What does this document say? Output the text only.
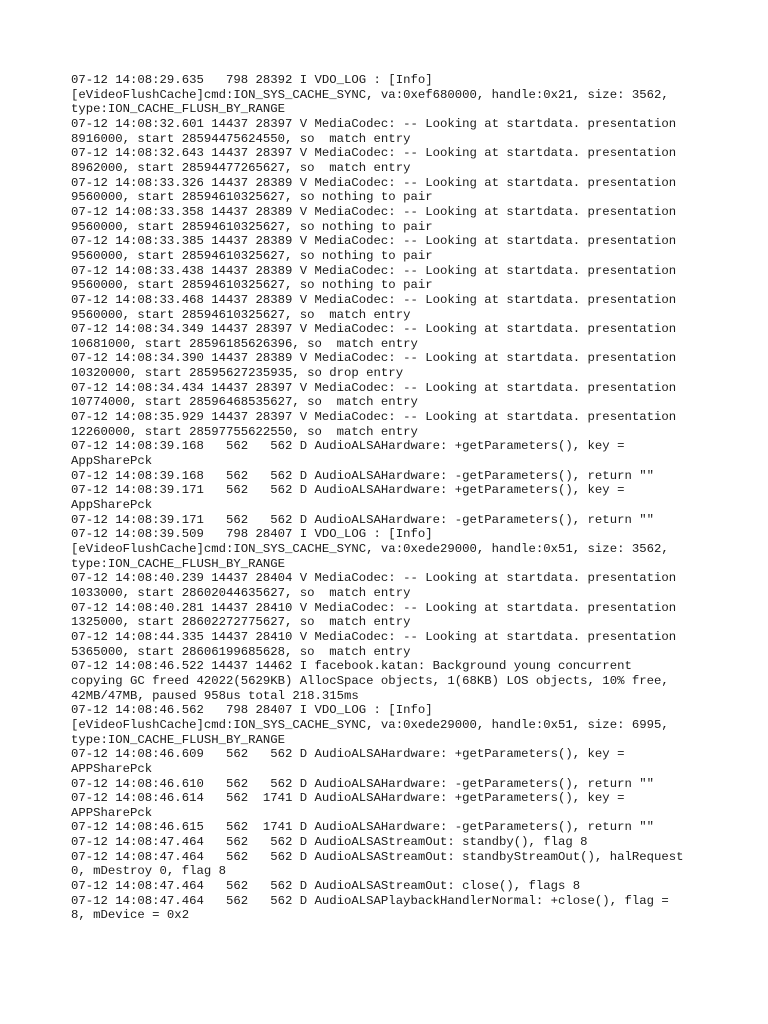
07-12 14:08:29.635   798 28392 I VDO_LOG : [Info]
[eVideoFlushCache]cmd:ION_SYS_CACHE_SYNC, va:0xef680000, handle:0x21, size: 3562,
type:ION_CACHE_FLUSH_BY_RANGE
07-12 14:08:32.601 14437 28397 V MediaCodec: -- Looking at startdata. presentation
8916000, start 28594475624550, so  match entry
07-12 14:08:32.643 14437 28397 V MediaCodec: -- Looking at startdata. presentation
8962000, start 28594477265627, so  match entry
07-12 14:08:33.326 14437 28389 V MediaCodec: -- Looking at startdata. presentation
9560000, start 28594610325627, so nothing to pair
07-12 14:08:33.358 14437 28389 V MediaCodec: -- Looking at startdata. presentation
9560000, start 28594610325627, so nothing to pair
07-12 14:08:33.385 14437 28389 V MediaCodec: -- Looking at startdata. presentation
9560000, start 28594610325627, so nothing to pair
07-12 14:08:33.438 14437 28389 V MediaCodec: -- Looking at startdata. presentation
9560000, start 28594610325627, so nothing to pair
07-12 14:08:33.468 14437 28389 V MediaCodec: -- Looking at startdata. presentation
9560000, start 28594610325627, so  match entry
07-12 14:08:34.349 14437 28397 V MediaCodec: -- Looking at startdata. presentation
10681000, start 28596185626396, so  match entry
07-12 14:08:34.390 14437 28389 V MediaCodec: -- Looking at startdata. presentation
10320000, start 28595627235935, so drop entry
07-12 14:08:34.434 14437 28397 V MediaCodec: -- Looking at startdata. presentation
10774000, start 28596468535627, so  match entry
07-12 14:08:35.929 14437 28397 V MediaCodec: -- Looking at startdata. presentation
12260000, start 28597755622550, so  match entry
07-12 14:08:39.168   562   562 D AudioALSAHardware: +getParameters(), key =
AppSharePck
07-12 14:08:39.168   562   562 D AudioALSAHardware: -getParameters(), return ""
07-12 14:08:39.171   562   562 D AudioALSAHardware: +getParameters(), key =
AppSharePck
07-12 14:08:39.171   562   562 D AudioALSAHardware: -getParameters(), return ""
07-12 14:08:39.509   798 28407 I VDO_LOG : [Info]
[eVideoFlushCache]cmd:ION_SYS_CACHE_SYNC, va:0xede29000, handle:0x51, size: 3562,
type:ION_CACHE_FLUSH_BY_RANGE
07-12 14:08:40.239 14437 28404 V MediaCodec: -- Looking at startdata. presentation
1033000, start 28602044635627, so  match entry
07-12 14:08:40.281 14437 28410 V MediaCodec: -- Looking at startdata. presentation
1325000, start 28602272775627, so  match entry
07-12 14:08:44.335 14437 28410 V MediaCodec: -- Looking at startdata. presentation
5365000, start 28606199685628, so  match entry
07-12 14:08:46.522 14437 14462 I facebook.katan: Background young concurrent
copying GC freed 42022(5629KB) AllocSpace objects, 1(68KB) LOS objects, 10% free,
42MB/47MB, paused 958us total 218.315ms
07-12 14:08:46.562   798 28407 I VDO_LOG : [Info]
[eVideoFlushCache]cmd:ION_SYS_CACHE_SYNC, va:0xede29000, handle:0x51, size: 6995,
type:ION_CACHE_FLUSH_BY_RANGE
07-12 14:08:46.609   562   562 D AudioALSAHardware: +getParameters(), key =
APPSharePck
07-12 14:08:46.610   562   562 D AudioALSAHardware: -getParameters(), return ""
07-12 14:08:46.614   562  1741 D AudioALSAHardware: +getParameters(), key =
APPSharePck
07-12 14:08:46.615   562  1741 D AudioALSAHardware: -getParameters(), return ""
07-12 14:08:47.464   562   562 D AudioALSAStreamOut: standby(), flag 8
07-12 14:08:47.464   562   562 D AudioALSAStreamOut: standbyStreamOut(), halRequest
0, mDestroy 0, flag 8
07-12 14:08:47.464   562   562 D AudioALSAStreamOut: close(), flags 8
07-12 14:08:47.464   562   562 D AudioALSAPlaybackHandlerNormal: +close(), flag =
8, mDevice = 0x2
